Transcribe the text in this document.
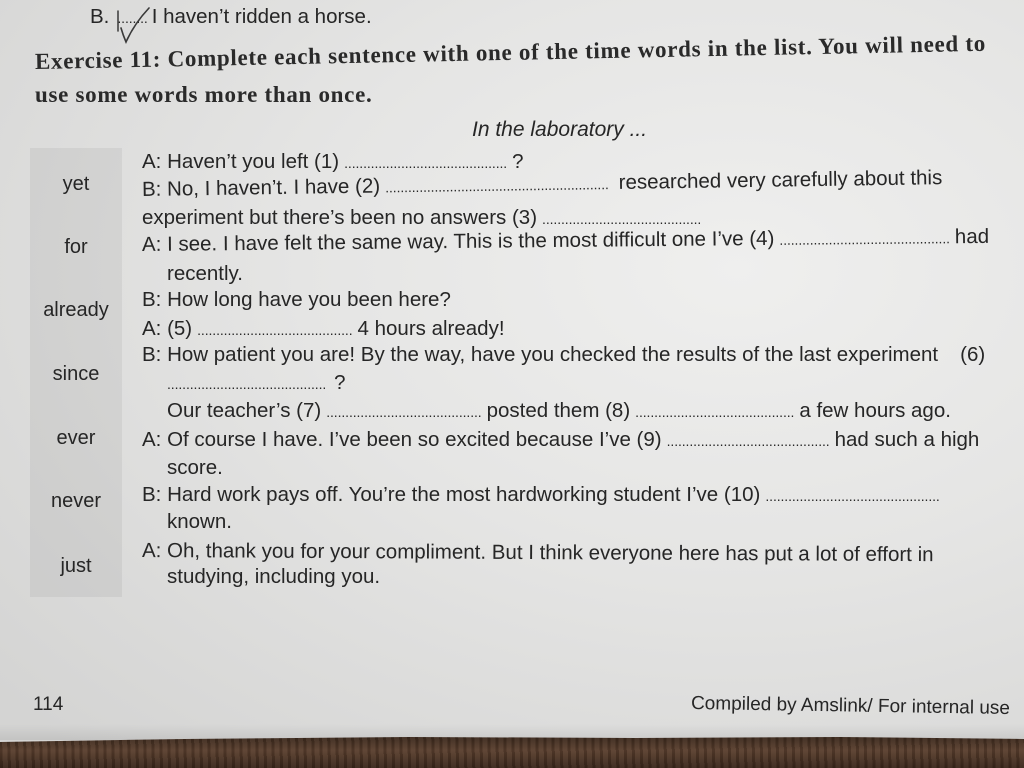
B. ........ I haven’t ridden a horse.
Exercise 11: Complete each sentence with one of the time words in the list. You will need to
use some words more than once.
In the laboratory ...
yet
for
already
since
ever
never
just
A: Haven’t you left (1) ........................................... ?
B: No, I haven’t. I have (2) ........................................................... researched very carefully about this
experiment but there’s been no answers (3) ..........................................
A: I see. I have felt the same way. This is the most difficult one I’ve (4) ............................................. had
recently.
B: How long have you been here?
A: (5) ......................................... 4 hours already!
B: How patient you are! By the way, have you checked the results of the last experiment (6)
.......................................... ?
Our teacher’s (7) ......................................... posted them (8) .......................................... a few hours ago.
A: Of course I have. I’ve been so excited because I’ve (9) ........................................... had such a high
score.
B: Hard work pays off. You’re the most hardworking student I’ve (10) ..............................................
known.
A: Oh, thank you for your compliment. But I think everyone here has put a lot of effort in
studying, including you.
114	Compiled by Amslink/ For internal use
